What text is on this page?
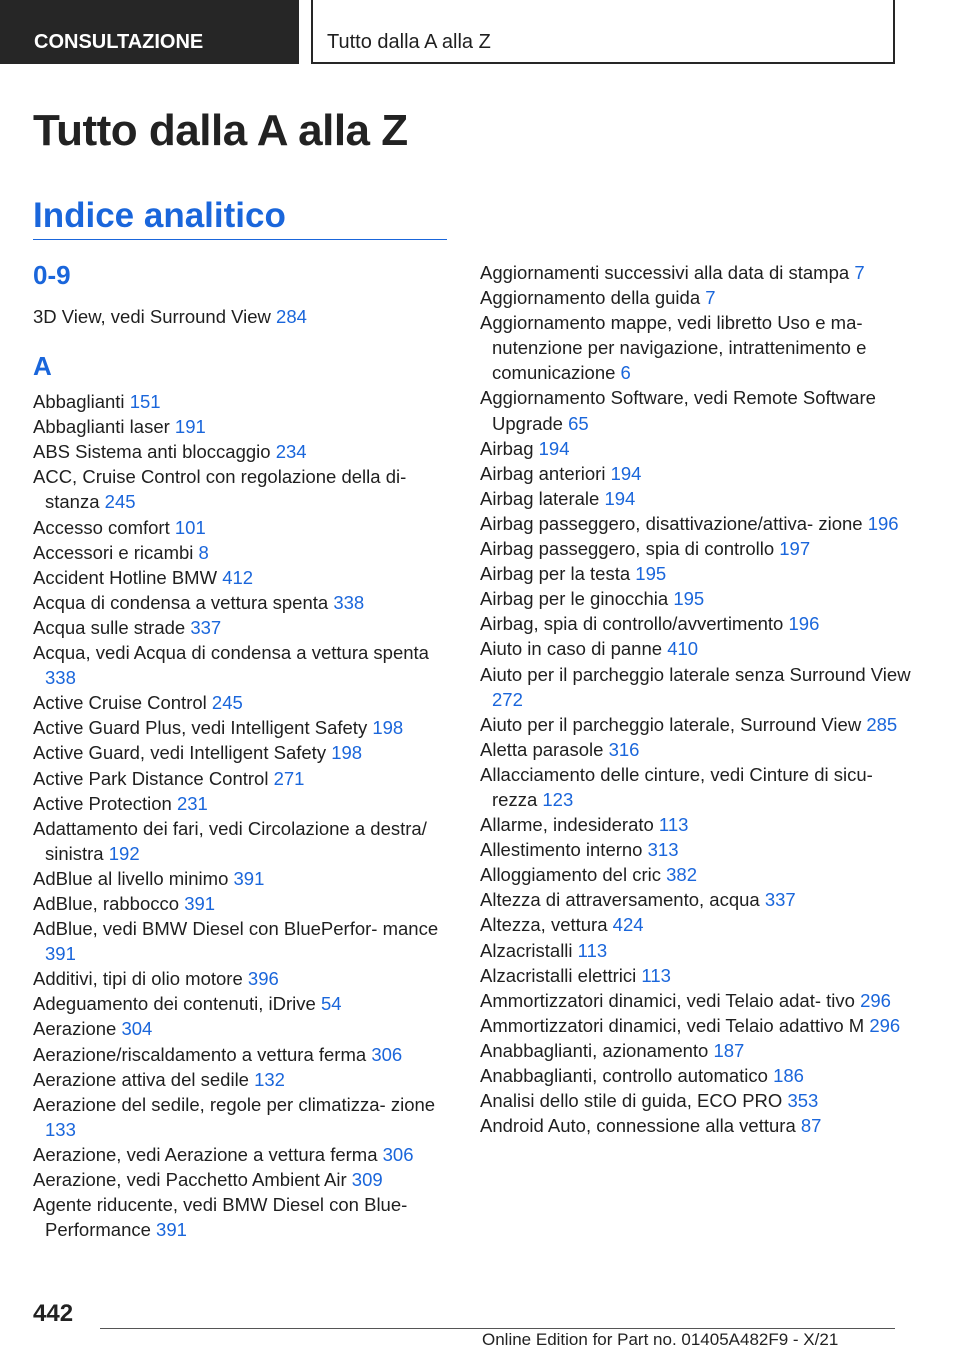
CONSULTAZIONE	Tutto dalla A alla Z
Tutto dalla A alla Z
Indice analitico
0-9
3D View, vedi Surround View 284
A
Abbaglianti 151
Abbaglianti laser 191
ABS Sistema anti bloccaggio 234
ACC, Cruise Control con regolazione della di‐ stanza 245
Accesso comfort 101
Accessori e ricambi 8
Accident Hotline BMW 412
Acqua di condensa a vettura spenta 338
Acqua sulle strade 337
Acqua, vedi Acqua di condensa a vettura spenta 338
Active Cruise Control 245
Active Guard Plus, vedi Intelligent Safety 198
Active Guard, vedi Intelligent Safety 198
Active Park Distance Control 271
Active Protection 231
Adattamento dei fari, vedi Circolazione a destra/ sinistra 192
AdBlue al livello minimo 391
AdBlue, rabbocco 391
AdBlue, vedi BMW Diesel con BluePerfor‐ mance 391
Additivi, tipi di olio motore 396
Adeguamento dei contenuti, iDrive 54
Aerazione 304
Aerazione/riscaldamento a vettura ferma 306
Aerazione attiva del sedile 132
Aerazione del sedile, regole per climatizza‐ zione 133
Aerazione, vedi Aerazione a vettura ferma 306
Aerazione, vedi Pacchetto Ambient Air 309
Agente riducente, vedi BMW Diesel con Blue‐ Performance 391
Aggiornamenti successivi alla data di stampa 7
Aggiornamento della guida 7
Aggiornamento mappe, vedi libretto Uso e ma‐ nutenzione per navigazione, intrattenimento e comunicazione 6
Aggiornamento Software, vedi Remote Software Upgrade 65
Airbag 194
Airbag anteriori 194
Airbag laterale 194
Airbag passeggero, disattivazione/attiva‐ zione 196
Airbag passeggero, spia di controllo 197
Airbag per la testa 195
Airbag per le ginocchia 195
Airbag, spia di controllo/avvertimento 196
Aiuto in caso di panne 410
Aiuto per il parcheggio laterale senza Surround View 272
Aiuto per il parcheggio laterale, Surround View 285
Aletta parasole 316
Allacciamento delle cinture, vedi Cinture di sicu‐ rezza 123
Allarme, indesiderato 113
Allestimento interno 313
Alloggiamento del cric 382
Altezza di attraversamento, acqua 337
Altezza, vettura 424
Alzacristalli 113
Alzacristalli elettrici 113
Ammortizzatori dinamici, vedi Telaio adat‐ tivo 296
Ammortizzatori dinamici, vedi Telaio adattivo M 296
Anabbaglianti, azionamento 187
Anabbaglianti, controllo automatico 186
Analisi dello stile di guida, ECO PRO 353
Android Auto, connessione alla vettura 87
442
Online Edition for Part no. 01405A482F9 - X/21www.carmanualsonline.info
